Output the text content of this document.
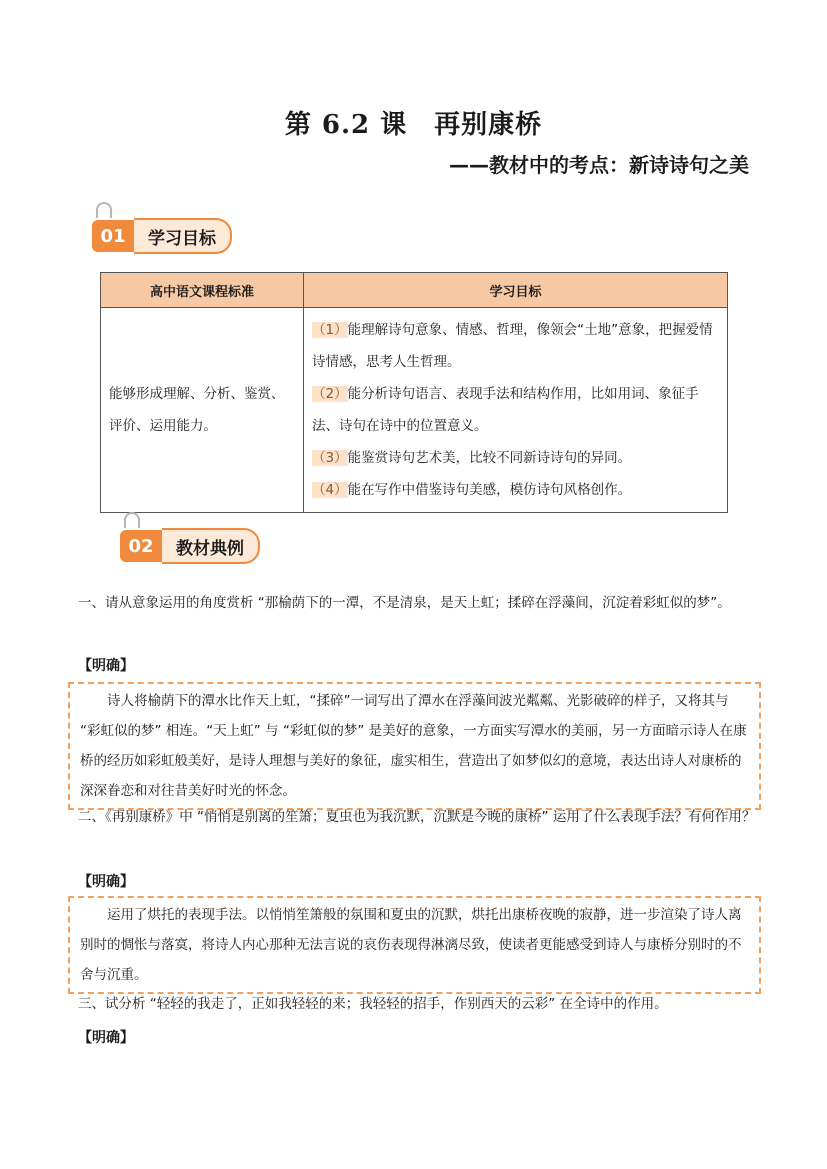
第 6.2 课　再别康桥
——教材中的考点：新诗诗句之美
01	学习目标
高中语文课程标准	学习目标
能够形成理解、分析、鉴赏、评价、运用能力。	（1）能理解诗句意象、情感、哲理，像领会“土地”意象，把握爱情诗情感，思考人生哲理。
（2）能分析诗句语言、表现手法和结构作用，比如用词、象征手法、诗句在诗中的位置意义。
（3）能鉴赏诗句艺术美，比较不同新诗诗句的异同。
（4）能在写作中借鉴诗句美感，模仿诗句风格创作。
02	教材典例
一、请从意象运用的角度赏析 “那榆荫下的一潭，不是清泉，是天上虹；揉碎在浮藻间，沉淀着彩虹似的梦”。
【明确】
诗人将榆荫下的潭水比作天上虹，“揉碎”一词写出了潭水在浮藻间波光粼粼、光影破碎的样子，又将其与 “彩虹似的梦” 相连。“天上虹” 与 “彩虹似的梦” 是美好的意象，一方面实写潭水的美丽，另一方面暗示诗人在康桥的经历如彩虹般美好，是诗人理想与美好的象征，虚实相生，营造出了如梦似幻的意境，表达出诗人对康桥的深深眷恋和对往昔美好时光的怀念。
二、《再别康桥》中 “悄悄是别离的笙箫；夏虫也为我沉默，沉默是今晚的康桥” 运用了什么表现手法？有何作用？
【明确】
运用了烘托的表现手法。以悄悄笙箫般的氛围和夏虫的沉默，烘托出康桥夜晚的寂静，进一步渲染了诗人离别时的惆怅与落寞，将诗人内心那种无法言说的哀伤表现得淋漓尽致，使读者更能感受到诗人与康桥分别时的不舍与沉重。
三、试分析 “轻轻的我走了，正如我轻轻的来；我轻轻的招手，作别西天的云彩” 在全诗中的作用。
【明确】
